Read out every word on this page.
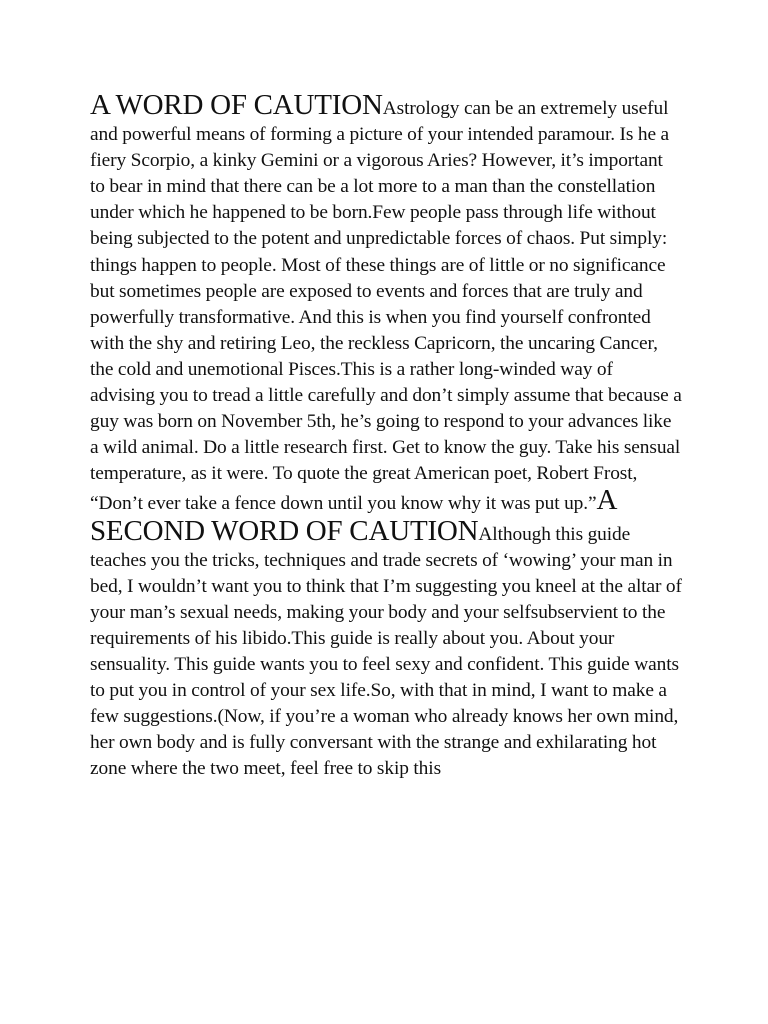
A WORD OF CAUTIONAstrology can be an extremely useful and powerful means of forming a picture of your intended paramour. Is he a fiery Scorpio, a kinky Gemini or a vigorous Aries? However, it’s important to bear in mind that there can be a lot more to a man than the constellation under which he happened to be born.Few people pass through life without being subjected to the potent and unpredictable forces of chaos. Put simply: things happen to people. Most of these things are of little or no significance but sometimes people are exposed to events and forces that are truly and powerfully transformative. And this is when you find yourself confronted with the shy and retiring Leo, the reckless Capricorn, the uncaring Cancer, the cold and unemotional Pisces.This is a rather long-winded way of advising you to tread a little carefully and don’t simply assume that because a guy was born on November 5th, he’s going to respond to your advances like a wild animal. Do a little research first. Get to know the guy. Take his sensual temperature, as it were. To quote the great American poet, Robert Frost, “Don’t ever take a fence down until you know why it was put up.”A SECOND WORD OF CAUTIONAlthough this guide teaches you the tricks, techniques and trade secrets of ‘wowing’ your man in bed, I wouldn’t want you to think that I’m suggesting you kneel at the altar of your man’s sexual needs, making your body and your selfsubservient to the requirements of his libido.This guide is really about you. About your sensuality. This guide wants you to feel sexy and confident. This guide wants to put you in control of your sex life.So, with that in mind, I want to make a few suggestions.(Now, if you’re a woman who already knows her own mind, her own body and is fully conversant with the strange and exhilarating hot zone where the two meet, feel free to skip this
